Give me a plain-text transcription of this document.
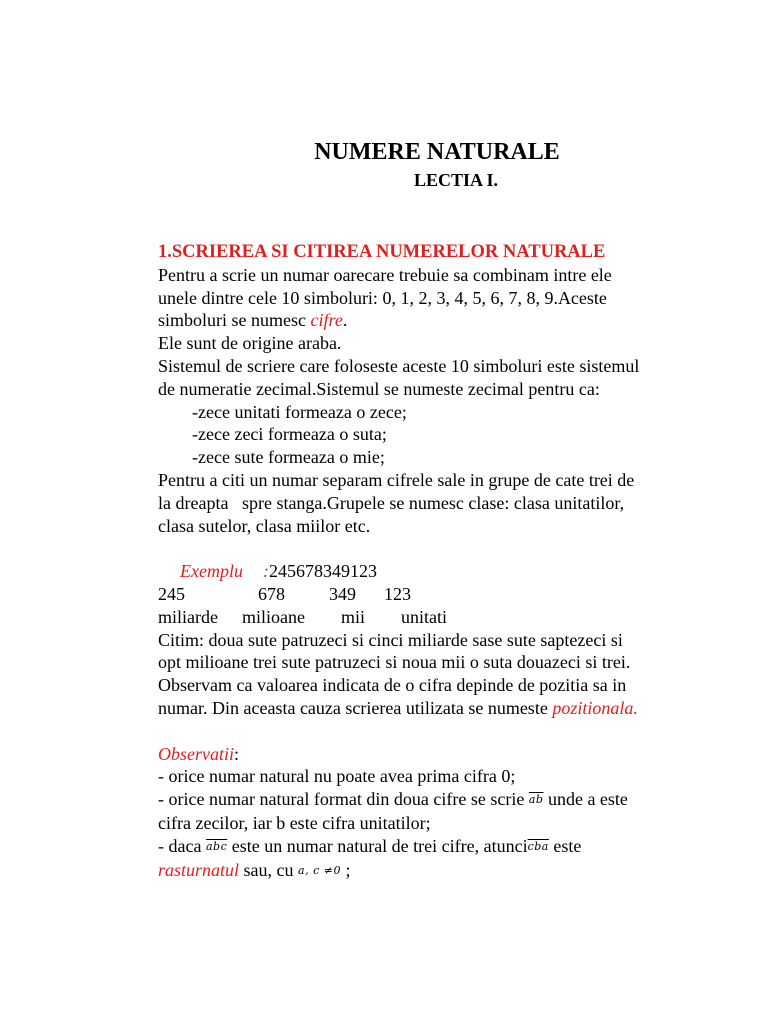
NUMERE NATURALE
LECTIA I.
1.SCRIEREA SI CITIREA NUMERELOR NATURALE
Pentru a scrie un numar oarecare trebuie sa combinam intre ele
unele dintre cele 10 simboluri: 0, 1, 2, 3, 4, 5, 6, 7, 8, 9.Aceste
simboluri se numesc cifre.
Ele sunt de origine araba.
Sistemul de scriere care foloseste aceste 10 simboluri este sistemul
de numeratie zecimal.Sistemul se numeste zecimal pentru ca:
-zece unitati formeaza o zece;
-zece zeci formeaza o suta;
-zece sute formeaza o mie;
Pentru a citi un numar separam cifrele sale in grupe de cate trei de
la dreapta   spre stanga.Grupele se numesc clase: clasa unitatilor,
clasa sutelor, clasa miilor etc.
Exemplu :245678349123
245	678 349 123
miliarde milioane mii unitati
Citim: doua sute patruzeci si cinci miliarde sase sute saptezeci si
opt milioane trei sute patruzeci si noua mii o suta douazeci si trei.
Observam ca valoarea indicata de o cifra depinde de pozitia sa in
numar. Din aceasta cauza scrierea utilizata se numeste pozitionala.
Observatii:
- orice numar natural nu poate avea prima cifra 0;
- orice numar natural format din doua cifre se scrie $\overline{ab}$ unde a este
cifra zecilor, iar b este cifra unitatilor;
- daca $\overline{abc}$ este un numar natural de trei cifre, $atunci\overline{cba}$ este
rasturnatul sau, cu a, c ≠0 ;
